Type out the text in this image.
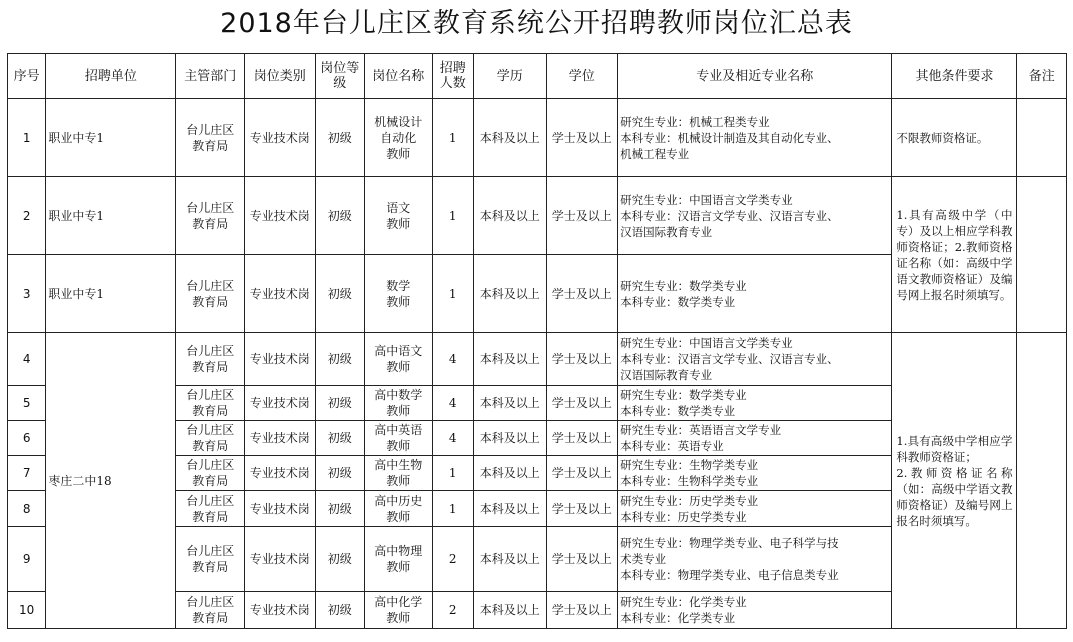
2018年台儿庄区教育系统公开招聘教师岗位汇总表
序号	招聘单位	主管部门	岗位类别	岗位等级	岗位名称	招聘人数	学历	学位	专业及相近专业名称	其他条件要求	备注
1	职业中专1	台儿庄区
教育局	专业技术岗	初级	机械设计
自动化
教师	1	本科及以上	学士及以上	研究生专业：机械工程类专业
本科专业：机械设计制造及其自动化专业、
机械工程专业	不限教师资格证。	
2	职业中专1	台儿庄区
教育局	专业技术岗	初级	语文
教师	1	本科及以上	学士及以上	研究生专业：中国语言文学类专业
本科专业：汉语言文学专业、汉语言专业、
汉语国际教育专业	1.具有高级中学（中专）及以上相应学科教师资格证；2.教师资格证名称（如：高级中学语文教师资格证）及编号网上报名时须填写。	
3	职业中专1	台儿庄区
教育局	专业技术岗	初级	数学
教师	1	本科及以上	学士及以上	研究生专业：数学类专业
本科专业：数学类专业		
4	枣庄二中18	台儿庄区
教育局	专业技术岗	初级	高中语文
教师	4	本科及以上	学士及以上	研究生专业：中国语言文学类专业
本科专业：汉语言文学专业、汉语言专业、
汉语国际教育专业	1.具有高级中学相应学科教师资格证；
2.教师资格证名称（如：高级中学语文教师资格证）及编号网上报名时须填写。	
5		台儿庄区
教育局	专业技术岗	初级	高中数学
教师	4	本科及以上	学士及以上	研究生专业：数学类专业
本科专业：数学类专业		
6		台儿庄区
教育局	专业技术岗	初级	高中英语
教师	4	本科及以上	学士及以上	研究生专业：英语语言文学专业
本科专业：英语专业		
7		台儿庄区
教育局	专业技术岗	初级	高中生物
教师	1	本科及以上	学士及以上	研究生专业：生物学类专业
本科专业：生物科学类专业		
8		台儿庄区
教育局	专业技术岗	初级	高中历史
教师	1	本科及以上	学士及以上	研究生专业：历史学类专业
本科专业：历史学类专业		
9		台儿庄区
教育局	专业技术岗	初级	高中物理
教师	2	本科及以上	学士及以上	研究生专业：物理学类专业、电子科学与技
术类专业
本科专业：物理学类专业、电子信息类专业		
10		台儿庄区
教育局	专业技术岗	初级	高中化学
教师	2	本科及以上	学士及以上	研究生专业：化学类专业
本科专业：化学类专业		
